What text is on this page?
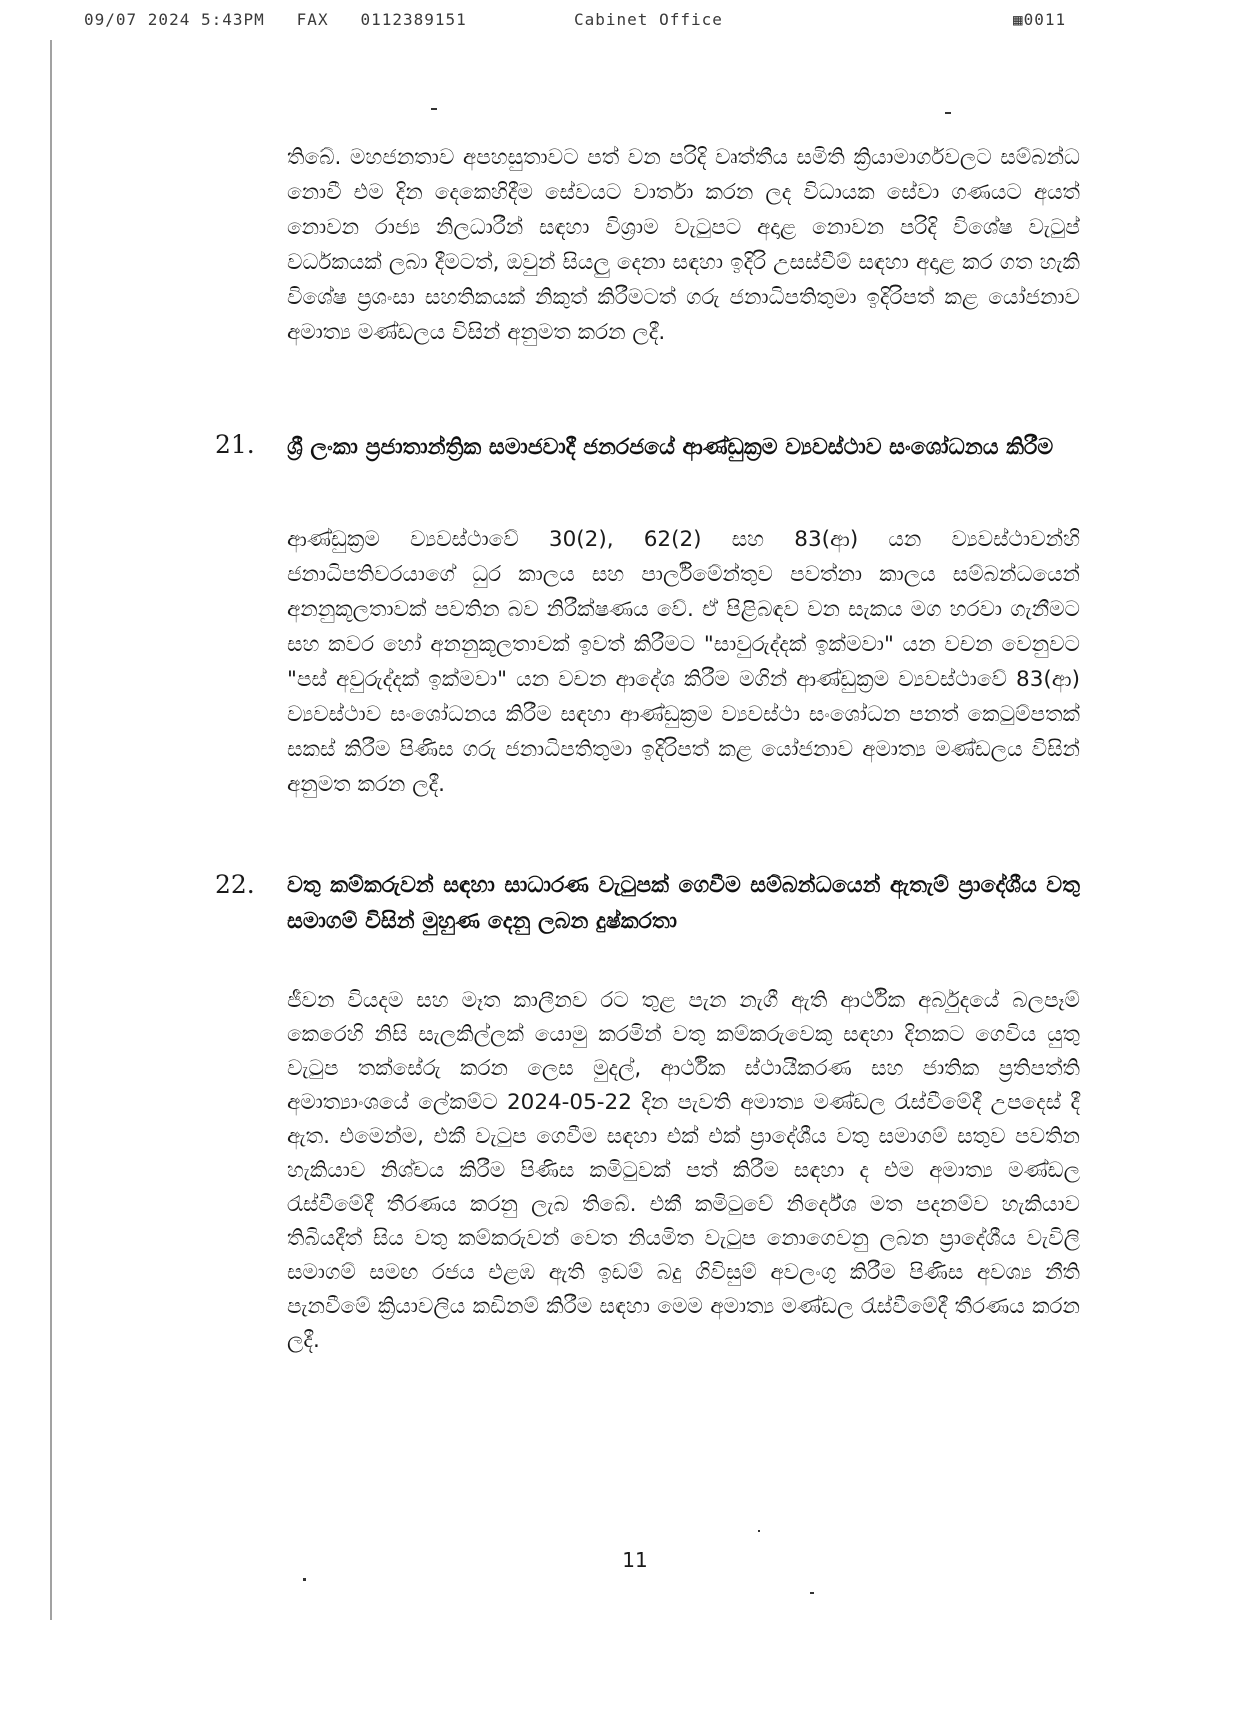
09/07 2024 5:43PM FAX 0112389151	Cabinet Office	▦0011
තිබේ. මහජනතාව අපහසුතාවට පත් වන පරිදි වෘත්තීය සමිති ක්‍රියාමාර්ගවලට සම්බන්ධ නොවී එම දින දෙකෙහිදීම සේවයට වාර්තා කරන ලද විධායක සේවා ගණයට අයත් නොවන රාජ්‍ය නිලධාරීන් සඳහා විශ්‍රාම වැටුපට අදාළ නොවන පරිදි විශේෂ වැටුප් වර්ධකයක් ලබා දීමටත්, ඔවුන් සියලු දෙනා සඳහා ඉදිරි උසස්වීම් සඳහා අදාළ කර ගත හැකි විශේෂ ප්‍රශංසා සහතිකයක් නිකුත් කිරීමටත් ගරු ජනාධිපතිතුමා ඉදිරිපත් කළ යෝජනාව අමාත්‍ය මණ්ඩලය විසින් අනුමත කරන ලදී.
21. ශ්‍රී ලංකා ප්‍රජාතාන්ත්‍රික සමාජවාදී ජනරජයේ ආණ්ඩුක්‍රම ව්‍යවස්ථාව සංශෝධනය කිරීම
ආණ්ඩුක්‍රම ව්‍යවස්ථාවේ 30(2), 62(2) සහ 83(ආ) යන ව්‍යවස්ථාවන්හි ජනාධිපතිවරයාගේ ධුර කාලය සහ පාර්ලිමේන්තුව පවත්නා කාලය සම්බන්ධයෙන් අනනුකූලතාවක් පවතින බව නිරීක්ෂණය වේ. ඒ පිළිබඳව වන සැකය මග හරවා ගැනීමට සහ කවර හෝ අනනුකූලතාවක් ඉවත් කිරීමට "සාවුරුද්දක් ඉක්මවා" යන වචන වෙනුවට "පස් අවුරුද්දක් ඉක්මවා" යන වචන ආදේශ කිරීම මගින් ආණ්ඩුක්‍රම ව්‍යවස්ථාවේ 83(ආ) ව්‍යවස්ථාව සංශෝධනය කිරීම සඳහා ආණ්ඩුක්‍රම ව්‍යවස්ථා සංශෝධන පනත් කෙටුම්පතක් සකස් කිරීම පිණිස ගරු ජනාධිපතිතුමා ඉදිරිපත් කළ යෝජනාව අමාත්‍ය මණ්ඩලය විසින් අනුමත කරන ලදී.
22. වතු කම්කරුවන් සඳහා සාධාරණ වැටුපක් ගෙවීම සම්බන්ධයෙන් ඇතැම් ප්‍රාදේශීය වතු සමාගම් විසින් මුහුණ දෙනු ලබන දුෂ්කරතා
ජීවන වියදම සහ මෑත කාලීනව රට තුළ පැන නැගී ඇති ආර්ථික අර්බුදයේ බලපෑම් කෙරෙහි නිසි සැලකිල්ලක් යොමු කරමින් වතු කම්කරුවෙකු සඳහා දිනකට ගෙවිය යුතු වැටුප තක්සේරු කරන ලෙස මුදල්, ආර්ථික ස්ථායීකරණ සහ ජාතික ප්‍රතිපත්ති අමාත්‍යාංශයේ ලේකම්ට 2024-05-22 දින පැවති අමාත්‍ය මණ්ඩල රැස්වීමේදී උපදෙස් දී ඇත. එමෙන්ම, එකී වැටුප ගෙවීම සඳහා එක් එක් ප්‍රාදේශීය වතු සමාගම් සතුව පවතින හැකියාව නිශ්චය කිරීම පිණිස කමිටුවක් පත් කිරීම සඳහා ද එම අමාත්‍ය මණ්ඩල රැස්වීමේදී තීරණය කරනු ලැබ තිබේ. එකී කමිටුවේ නිර්දේශ මත පදනම්ව හැකියාව තිබියදීත් සිය වතු කම්කරුවන් වෙත නියමිත වැටුප නොගෙවනු ලබන ප්‍රාදේශීය වැවිලි සමාගම් සමඟ රජය එළඹ ඇති ඉඩම් බදු ගිවිසුම් අවලංගු කිරීම පිණිස අවශ්‍ය නීති පැනවීමේ ක්‍රියාවලිය කඩිනම් කිරීම සඳහා මෙම අමාත්‍ය මණ්ඩල රැස්වීමේදී තීරණය කරන ලදී.
11
